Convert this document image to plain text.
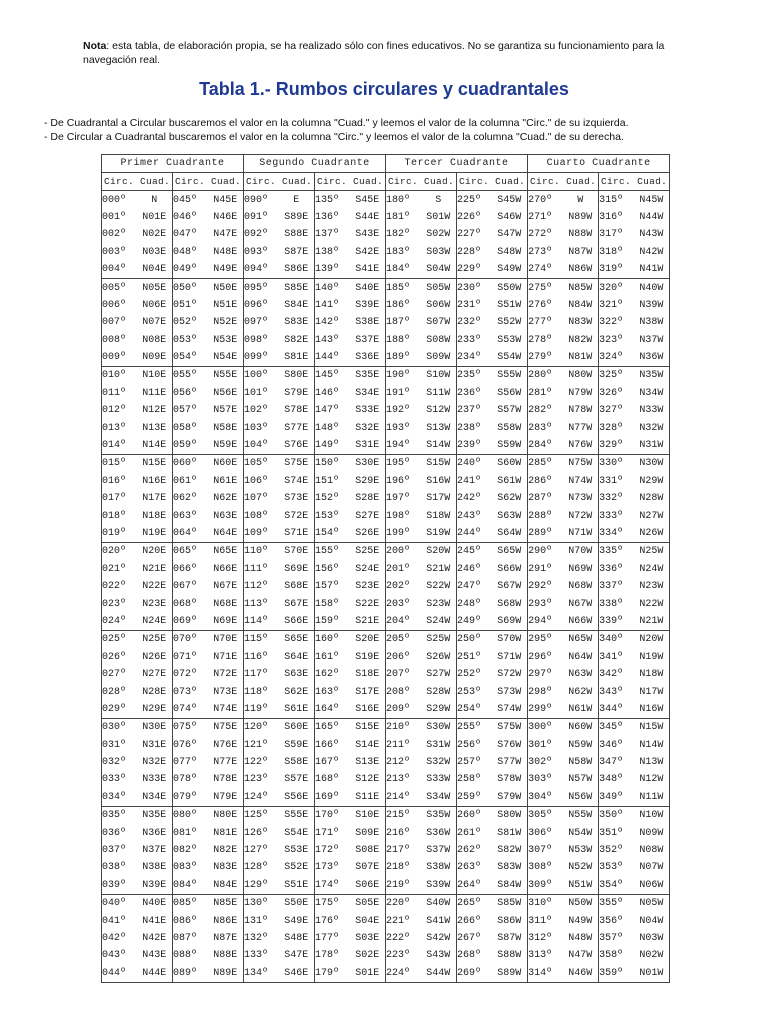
Nota: esta tabla, de elaboración propia, se ha realizado sólo con fines educativos. No se garantiza su funcionamiento para la navegación real.
Tabla 1.- Rumbos circulares y cuadrantales
- De Cuadrantal a Circular buscaremos el valor en la columna "Cuad." y leemos el valor de la columna "Circ." de su izquierda.
- De Circular a Cuadrantal buscaremos el valor en la columna "Circ." y leemos el valor de la columna "Cuad." de su derecha.
Primer Cuadrante				Segundo Cuadrante				Tercer Cuadrante				Cuarto Cuadrante			
Circ. Cuad.		Circ. Cuad.		Circ. Cuad.		Circ. Cuad.		Circ. Cuad.		Circ. Cuad.		Circ. Cuad.		Circ. Cuad.	
000º	N	045º	N45E	090º	E	135º	S45E	180º	S	225º	S45W	270º	W	315º	N45W
001º	N01E	046º	N46E	091º	S89E	136º	S44E	181º	S01W	226º	S46W	271º	N89W	316º	N44W
002º	N02E	047º	N47E	092º	S88E	137º	S43E	182º	S02W	227º	S47W	272º	N88W	317º	N43W
003º	N03E	048º	N48E	093º	S87E	138º	S42E	183º	S03W	228º	S48W	273º	N87W	318º	N42W
004º	N04E	049º	N49E	094º	S86E	139º	S41E	184º	S04W	229º	S49W	274º	N86W	319º	N41W
005º	N05E	050º	N50E	095º	S85E	140º	S40E	185º	S05W	230º	S50W	275º	N85W	320º	N40W
006º	N06E	051º	N51E	096º	S84E	141º	S39E	186º	S06W	231º	S51W	276º	N84W	321º	N39W
007º	N07E	052º	N52E	097º	S83E	142º	S38E	187º	S07W	232º	S52W	277º	N83W	322º	N38W
008º	N08E	053º	N53E	098º	S82E	143º	S37E	188º	S08W	233º	S53W	278º	N82W	323º	N37W
009º	N09E	054º	N54E	099º	S81E	144º	S36E	189º	S09W	234º	S54W	279º	N81W	324º	N36W
010º	N10E	055º	N55E	100º	S80E	145º	S35E	190º	S10W	235º	S55W	280º	N80W	325º	N35W
011º	N11E	056º	N56E	101º	S79E	146º	S34E	191º	S11W	236º	S56W	281º	N79W	326º	N34W
012º	N12E	057º	N57E	102º	S78E	147º	S33E	192º	S12W	237º	S57W	282º	N78W	327º	N33W
013º	N13E	058º	N58E	103º	S77E	148º	S32E	193º	S13W	238º	S58W	283º	N77W	328º	N32W
014º	N14E	059º	N59E	104º	S76E	149º	S31E	194º	S14W	239º	S59W	284º	N76W	329º	N31W
015º	N15E	060º	N60E	105º	S75E	150º	S30E	195º	S15W	240º	S60W	285º	N75W	330º	N30W
016º	N16E	061º	N61E	106º	S74E	151º	S29E	196º	S16W	241º	S61W	286º	N74W	331º	N29W
017º	N17E	062º	N62E	107º	S73E	152º	S28E	197º	S17W	242º	S62W	287º	N73W	332º	N28W
018º	N18E	063º	N63E	108º	S72E	153º	S27E	198º	S18W	243º	S63W	288º	N72W	333º	N27W
019º	N19E	064º	N64E	109º	S71E	154º	S26E	199º	S19W	244º	S64W	289º	N71W	334º	N26W
020º	N20E	065º	N65E	110º	S70E	155º	S25E	200º	S20W	245º	S65W	290º	N70W	335º	N25W
021º	N21E	066º	N66E	111º	S69E	156º	S24E	201º	S21W	246º	S66W	291º	N69W	336º	N24W
022º	N22E	067º	N67E	112º	S68E	157º	S23E	202º	S22W	247º	S67W	292º	N68W	337º	N23W
023º	N23E	068º	N68E	113º	S67E	158º	S22E	203º	S23W	248º	S68W	293º	N67W	338º	N22W
024º	N24E	069º	N69E	114º	S66E	159º	S21E	204º	S24W	249º	S69W	294º	N66W	339º	N21W
025º	N25E	070º	N70E	115º	S65E	160º	S20E	205º	S25W	250º	S70W	295º	N65W	340º	N20W
026º	N26E	071º	N71E	116º	S64E	161º	S19E	206º	S26W	251º	S71W	296º	N64W	341º	N19W
027º	N27E	072º	N72E	117º	S63E	162º	S18E	207º	S27W	252º	S72W	297º	N63W	342º	N18W
028º	N28E	073º	N73E	118º	S62E	163º	S17E	208º	S28W	253º	S73W	298º	N62W	343º	N17W
029º	N29E	074º	N74E	119º	S61E	164º	S16E	209º	S29W	254º	S74W	299º	N61W	344º	N16W
030º	N30E	075º	N75E	120º	S60E	165º	S15E	210º	S30W	255º	S75W	300º	N60W	345º	N15W
031º	N31E	076º	N76E	121º	S59E	166º	S14E	211º	S31W	256º	S76W	301º	N59W	346º	N14W
032º	N32E	077º	N77E	122º	S58E	167º	S13E	212º	S32W	257º	S77W	302º	N58W	347º	N13W
033º	N33E	078º	N78E	123º	S57E	168º	S12E	213º	S33W	258º	S78W	303º	N57W	348º	N12W
034º	N34E	079º	N79E	124º	S56E	169º	S11E	214º	S34W	259º	S79W	304º	N56W	349º	N11W
035º	N35E	080º	N80E	125º	S55E	170º	S10E	215º	S35W	260º	S80W	305º	N55W	350º	N10W
036º	N36E	081º	N81E	126º	S54E	171º	S09E	216º	S36W	261º	S81W	306º	N54W	351º	N09W
037º	N37E	082º	N82E	127º	S53E	172º	S08E	217º	S37W	262º	S82W	307º	N53W	352º	N08W
038º	N38E	083º	N83E	128º	S52E	173º	S07E	218º	S38W	263º	S83W	308º	N52W	353º	N07W
039º	N39E	084º	N84E	129º	S51E	174º	S06E	219º	S39W	264º	S84W	309º	N51W	354º	N06W
040º	N40E	085º	N85E	130º	S50E	175º	S05E	220º	S40W	265º	S85W	310º	N50W	355º	N05W
041º	N41E	086º	N86E	131º	S49E	176º	S04E	221º	S41W	266º	S86W	311º	N49W	356º	N04W
042º	N42E	087º	N87E	132º	S48E	177º	S03E	222º	S42W	267º	S87W	312º	N48W	357º	N03W
043º	N43E	088º	N88E	133º	S47E	178º	S02E	223º	S43W	268º	S88W	313º	N47W	358º	N02W
044º	N44E	089º	N89E	134º	S46E	179º	S01E	224º	S44W	269º	S89W	314º	N46W	359º	N01W
